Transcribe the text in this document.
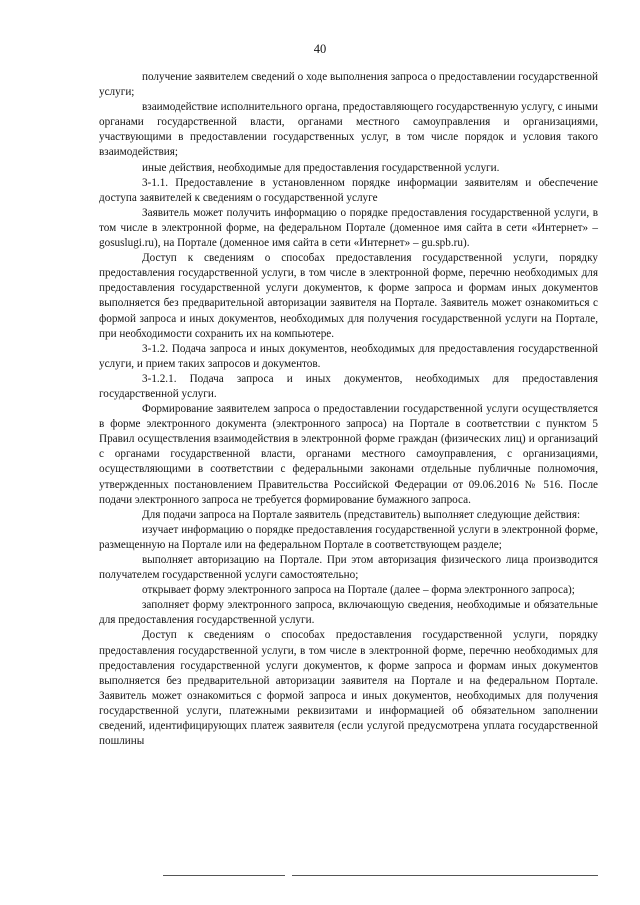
40

получение заявителем сведений о ходе выполнения запроса о предоставлении государственной услуги;

взаимодействие исполнительного органа, предоставляющего государственную услугу, с иными органами государственной власти, органами местного самоуправления и организациями, участвующими в предоставлении государственных услуг, в том числе порядок и условия такого взаимодействия;

иные действия, необходимые для предоставления государственной услуги.

3-1.1. Предоставление в установленном порядке информации заявителям и обеспечение доступа заявителей к сведениям о государственной услуге

Заявитель может получить информацию о порядке предоставления государственной услуги, в том числе в электронной форме, на федеральном Портале (доменное имя сайта в сети «Интернет» – gosuslugi.ru), на Портале (доменное имя сайта в сети «Интернет» – gu.spb.ru).

Доступ к сведениям о способах предоставления государственной услуги, порядку предоставления государственной услуги, в том числе в электронной форме, перечню необходимых для предоставления государственной услуги документов, к форме запроса и формам иных документов выполняется без предварительной авторизации заявителя на Портале. Заявитель может ознакомиться с формой запроса и иных документов, необходимых для получения государственной услуги на Портале, при необходимости сохранить их на компьютере.

3-1.2. Подача запроса и иных документов, необходимых для предоставления государственной услуги, и прием таких запросов и документов.

3-1.2.1. Подача запроса и иных документов, необходимых для предоставления государственной услуги.

Формирование заявителем запроса о предоставлении государственной услуги осуществляется в форме электронного документа (электронного запроса) на Портале в соответствии с пунктом 5 Правил осуществления взаимодействия в электронной форме граждан (физических лиц) и организаций с органами государственной власти, органами местного самоуправления, с организациями, осуществляющими в соответствии с федеральными законами отдельные публичные полномочия, утвержденных постановлением Правительства Российской Федерации от 09.06.2016 № 516. После подачи электронного запроса не требуется формирование бумажного запроса.

Для подачи запроса на Портале заявитель (представитель) выполняет следующие действия:

изучает информацию о порядке предоставления государственной услуги в электронной форме, размещенную на Портале или на федеральном Портале в соответствующем разделе;

выполняет авторизацию на Портале. При этом авторизация физического лица производится получателем государственной услуги самостоятельно;

открывает форму электронного запроса на Портале (далее – форма электронного запроса);

заполняет форму электронного запроса, включающую сведения, необходимые и обязательные для предоставления государственной услуги.

Доступ к сведениям о способах предоставления государственной услуги, порядку предоставления государственной услуги, в том числе в электронной форме, перечню необходимых для предоставления государственной услуги документов, к форме запроса и формам иных документов выполняется без предварительной авторизации заявителя на Портале и на федеральном Портале. Заявитель может ознакомиться с формой запроса и иных документов, необходимых для получения государственной услуги, платежными реквизитами и информацией об обязательном заполнении сведений, идентифицирующих платеж заявителя (если услугой предусмотрена уплата государственной пошлины
